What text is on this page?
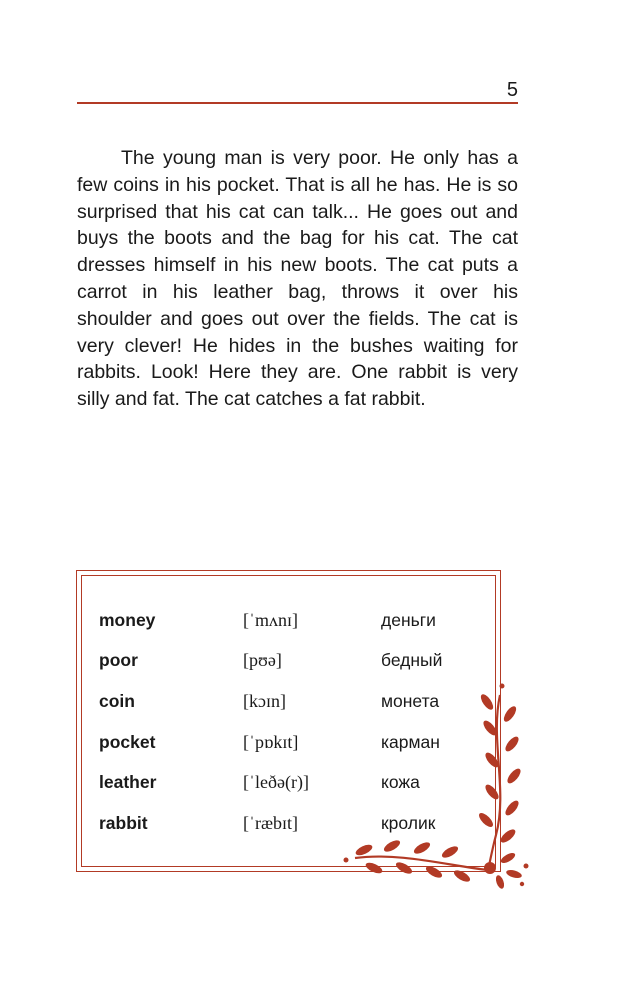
5

The young man is very poor. He only has a few coins in his pocket. That is all he has. He is so surprised that his cat can talk... He goes out and buys the boots and the bag for his cat. The cat dresses himself in his new boots. The cat puts a carrot in his leather bag, throws it over his shoulder and goes out over the fields. The cat is very clever! He hides in the bushes waiting for rabbits. Look! Here they are. One rabbit is very silly and fat. The cat catches a fat rabbit.

money	[ˈmʌnɪ]	деньги
poor	[pʊə]	бедный
coin	[kɔɪn]	монета
pocket	[ˈpɒkɪt]	карман
leather	[ˈleðə(r)]	кожа
rabbit	[ˈræbɪt]	кролик
